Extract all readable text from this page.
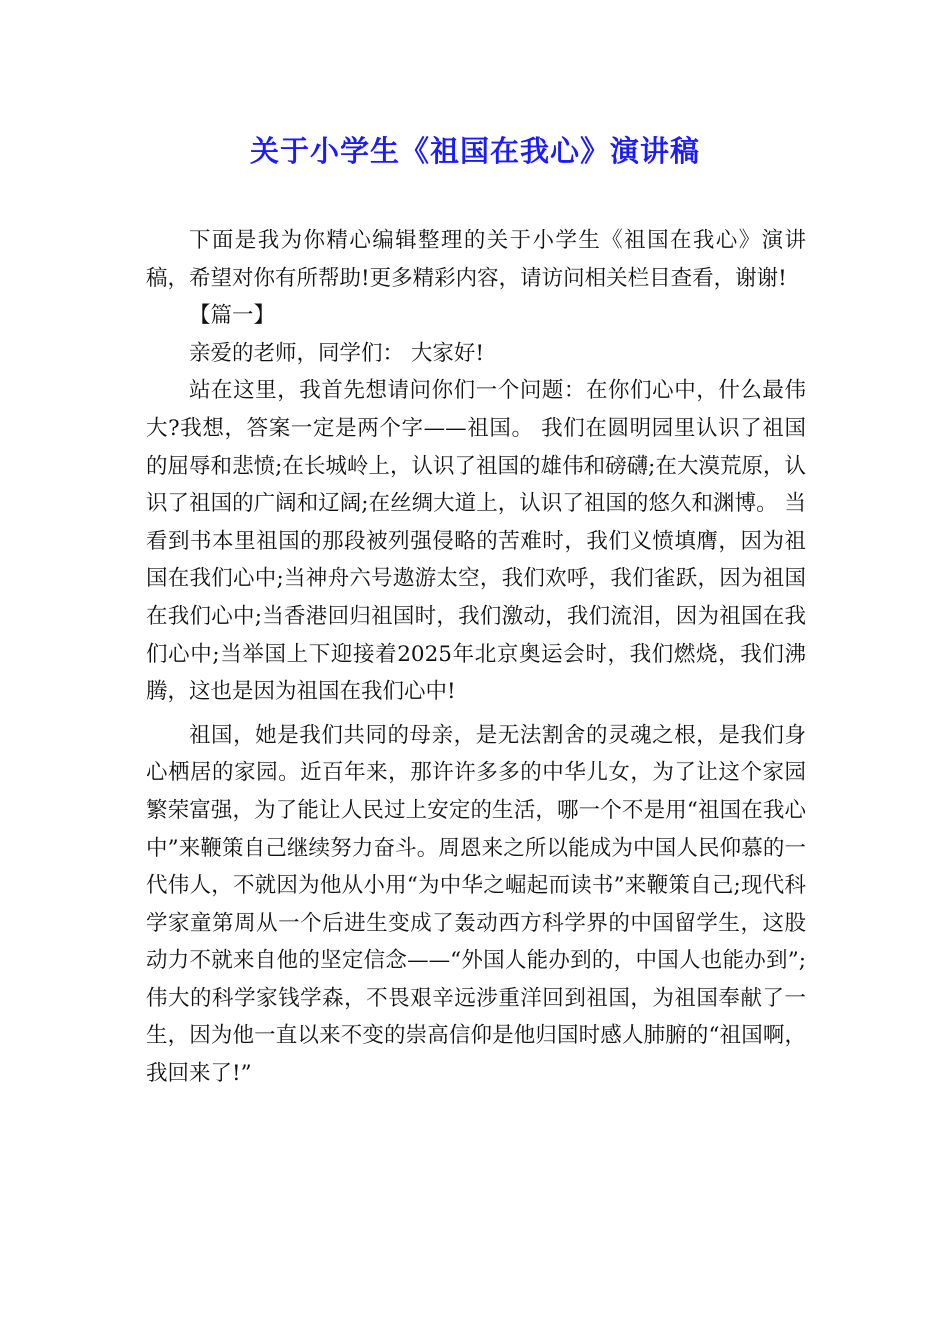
关于小学生《祖国在我心》演讲稿

下面是我为你精心编辑整理的关于小学生《祖国在我心》演讲稿，希望对你有所帮助!更多精彩内容，请访问相关栏目查看，谢谢!

【篇一】

亲爱的老师，同学们： 大家好!

站在这里，我首先想请问你们一个问题：在你们心中，什么最伟大?我想，答案一定是两个字——祖国。 我们在圆明园里认识了祖国的屈辱和悲愤;在长城岭上，认识了祖国的雄伟和磅礴;在大漠荒原，认识了祖国的广阔和辽阔;在丝绸大道上，认识了祖国的悠久和渊博。 当看到书本里祖国的那段被列强侵略的苦难时，我们义愤填膺，因为祖国在我们心中;当神舟六号遨游太空，我们欢呼，我们雀跃，因为祖国在我们心中;当香港回归祖国时，我们激动，我们流泪，因为祖国在我们心中;当举国上下迎接着2025年北京奥运会时，我们燃烧，我们沸腾，这也是因为祖国在我们心中!

祖国，她是我们共同的母亲，是无法割舍的灵魂之根，是我们身心栖居的家园。近百年来，那许许多多的中华儿女，为了让这个家园繁荣富强，为了能让人民过上安定的生活，哪一个不是用“祖国在我心中”来鞭策自己继续努力奋斗。周恩来之所以能成为中国人民仰慕的一代伟人，不就因为他从小用“为中华之崛起而读书”来鞭策自己;现代科学家童第周从一个后进生变成了轰动西方科学界的中国留学生，这股动力不就来自他的坚定信念——“外国人能办到的，中国人也能办到”;伟大的科学家钱学森，不畏艰辛远涉重洋回到祖国，为祖国奉献了一生，因为他一直以来不变的崇高信仰是他归国时感人肺腑的“祖国啊，我回来了!”
